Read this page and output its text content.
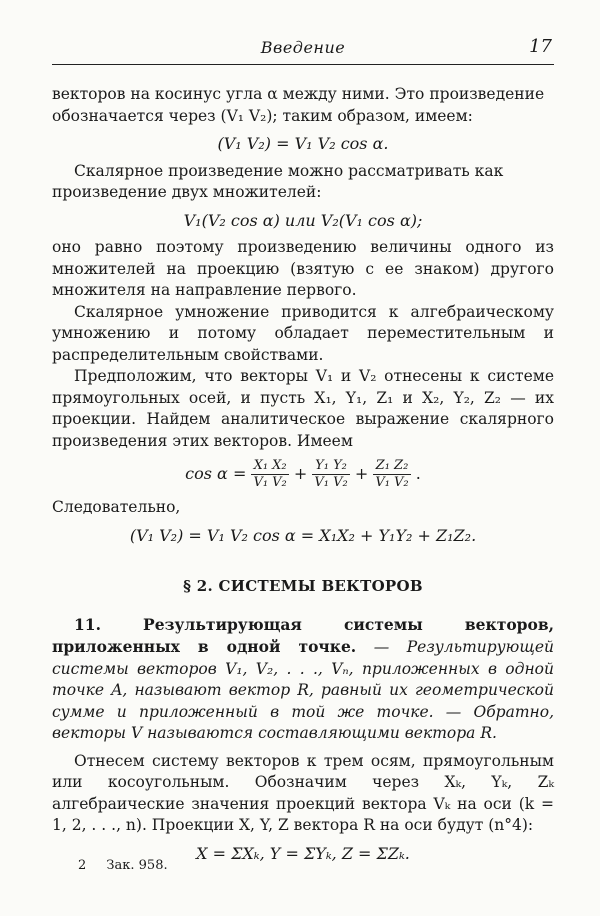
Введение	17

векторов на косинус угла α между ними. Это произведение

обозначается через (V₁ V₂); таким образом, имеем:

(V₁ V₂) = V₁ V₂ cos α.

Скалярное произведение можно рассматривать как

произведение двух множителей:

V₁(V₂ cos α) или V₂(V₁ cos α);

оно равно поэтому произведению величины одного из множителей на проекцию (взятую с ее знаком) другого множителя на направление первого.

Скалярное умножение приводится к алгебраическому умножению и потому обладает переместительным и распределительным свойствами.

Предположим, что векторы V₁ и V₂ отнесены к системе прямоугольных осей, и пусть X₁, Y₁, Z₁ и X₂, Y₂, Z₂ — их проекции. Найдем аналитическое выражение скалярного произведения этих векторов. Имеем

$\cos \alpha = \frac{\text{X₁ X₂}}{\text{V₁ V₂}} + \frac{\text{Y₁ Y₂}}{\text{V₁ V₂}} + \frac{\text{Z₁ Z₂}}{\text{V₁ V₂}}$ .

Следовательно,

(V₁ V₂) = V₁ V₂ cos α = X₁X₂ + Y₁Y₂ + Z₁Z₂.
§ 2. СИСТЕМЫ ВЕКТОРОВ

11. Результирующая системы векторов, приложенных в одной точке. — Результирующей системы векторов V₁, V₂, . . ., Vₙ, приложенных в одной точке A, называют вектор R, равный их геометрической сумме и приложенный в той же точке. — Обратно, векторы V называются составляющими вектора R.

Отнесем систему векторов к трем осям, прямоугольным или косоугольным. Обозначим через Xₖ, Yₖ, Zₖ алгебраические значения проекций вектора Vₖ на оси (k = 1, 2, . . ., n). Проекции X, Y, Z вектора R на оси будут (n°4):

X = ΣXₖ, Y = ΣYₖ, Z = ΣZₖ.
2 Зак. 958.
